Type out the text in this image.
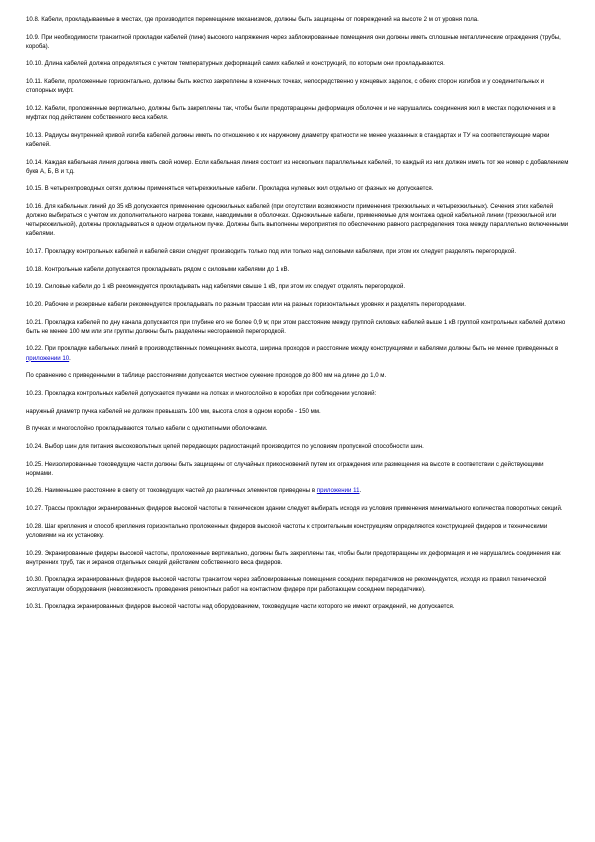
10.8. Кабели, прокладываемые в местах, где производится перемещение механизмов, должны быть защищены от повреждений на высоте 2 м от уровня пола.

10.9. При необходимости транзитной прокладки кабелей (пинк) высокого напряжения через заблокированные помещения они должны иметь сплошные металлические ограждения (трубы, короба).

10.10. Длина кабелей должна определяться с учетом температурных деформаций самих кабелей и конструкций, по которым они прокладываются.

10.11. Кабели, проложенные горизонтально, должны быть жестко закреплены в конечных точках, непосредственно у концевых заделок, с обеих сторон изгибов и у соединительных и стопорных муфт.

10.12. Кабели, проложенные вертикально, должны быть закреплены так, чтобы были предотвращены деформация оболочек и не нарушались соединения жил в местах подключения и в муфтах под действием собственного веса кабеля.

10.13. Радиусы внутренней кривой изгиба кабелей должны иметь по отношению к их наружному диаметру кратности не менее указанных в стандартах и ТУ на соответствующие марки кабелей.

10.14. Каждая кабельная линия должна иметь свой номер. Если кабельная линия состоит из нескольких параллельных кабелей, то каждый из них должен иметь тот же номер с добавлением букв А, Б, В и т.д.

10.15. В четырехпроводных сетях должны применяться четырехжильные кабели. Прокладка нулевых жил отдельно от фазных не допускается.

10.16. Для кабельных линий до 35 кВ допускается применение одножильных кабелей (при отсутствии возможности применения трехжильных и четырехжильных). Сечения этих кабелей должно выбираться с учетом их дополнительного нагрева токами, наводимыми в оболочках. Одножильные кабели, применяемые для монтажа одной кабельной линии (трехжильной или четырехжильной), должны прокладываться в одном отдельном пучке. Должны быть выполнены мероприятия по обеспечению равного распределения тока между параллельно включенными кабелями.

10.17. Прокладку контрольных кабелей и кабелей связи следует производить только под или только над силовыми кабелями, при этом их следует разделять перегородкой.

10.18. Контрольные кабели допускается прокладывать рядом с силовыми кабелями до 1 кВ.

10.19. Силовые кабели до 1 кВ рекомендуется прокладывать над кабелями свыше 1 кВ, при этом их следует отделять перегородкой.

10.20. Рабочие и резервные кабели рекомендуется прокладывать по разным трассам или на разных горизонтальных уровнях и разделять перегородками.

10.21. Прокладка кабелей по дну канала допускается при глубине его не более 0,9 м; при этом расстояние между группой силовых кабелей выше 1 кВ группой контрольных кабелей должно быть не менее 100 мм или эти группы должны быть разделены несгораемой перегородкой.

10.22. При прокладке кабельных линий в производственных помещениях высота, ширина проходов и расстояние между конструкциями и кабелями должны быть не менее приведенных в приложении 10.

По сравнению с приведенными в таблице расстояниями допускается местное сужение проходов до 800 мм на длине до 1,0 м.

10.23. Прокладка контрольных кабелей допускается пучками на лотках и многослойно в коробах при соблюдении условий:

наружный диаметр пучка кабелей не должен превышать 100 мм, высота слоя в одном коробе - 150 мм.

В пучках и многослойно прокладываются только кабели с однотипными оболочками.

10.24. Выбор шин для питания высоковольтных цепей передающих радиостанций производится по условиям пропускной способности шин.

10.25. Неизолированные токоведущие части должны быть защищены от случайных прикосновений путем их ограждения или размещения на высоте в соответствии с действующими нормами.

10.26. Наименьшее расстояние в свету от токоведущих частей до различных элементов приведены в приложении 11.

10.27. Трассы прокладки экранированных фидеров высокой частоты в техническом здании следует выбирать исходя из условия применения минимального количества поворотных секций.

10.28. Шаг крепления и способ крепления горизонтально проложенных фидеров высокой частоты к строительным конструкциям определяются конструкцией фидеров и техническими условиями на их установку.

10.29. Экранированные фидеры высокой частоты, проложенные вертикально, должны быть закреплены так, чтобы были предотвращены их деформация и не нарушались соединения как внутренних труб, так и экранов отдельных секций действием собственного веса фидеров.

10.30. Прокладка экранированных фидеров высокой частоты транзитом через заблокированные помещения соседних передатчиков не рекомендуется, исходя из правил технической эксплуатации оборудования (невозможность проведения ремонтных работ на контактном фидере при работающем соседнем передатчике).

10.31. Прокладка экранированных фидеров высокой частоты над оборудованием, токоведущие части которого не имеют ограждений, не допускается.
